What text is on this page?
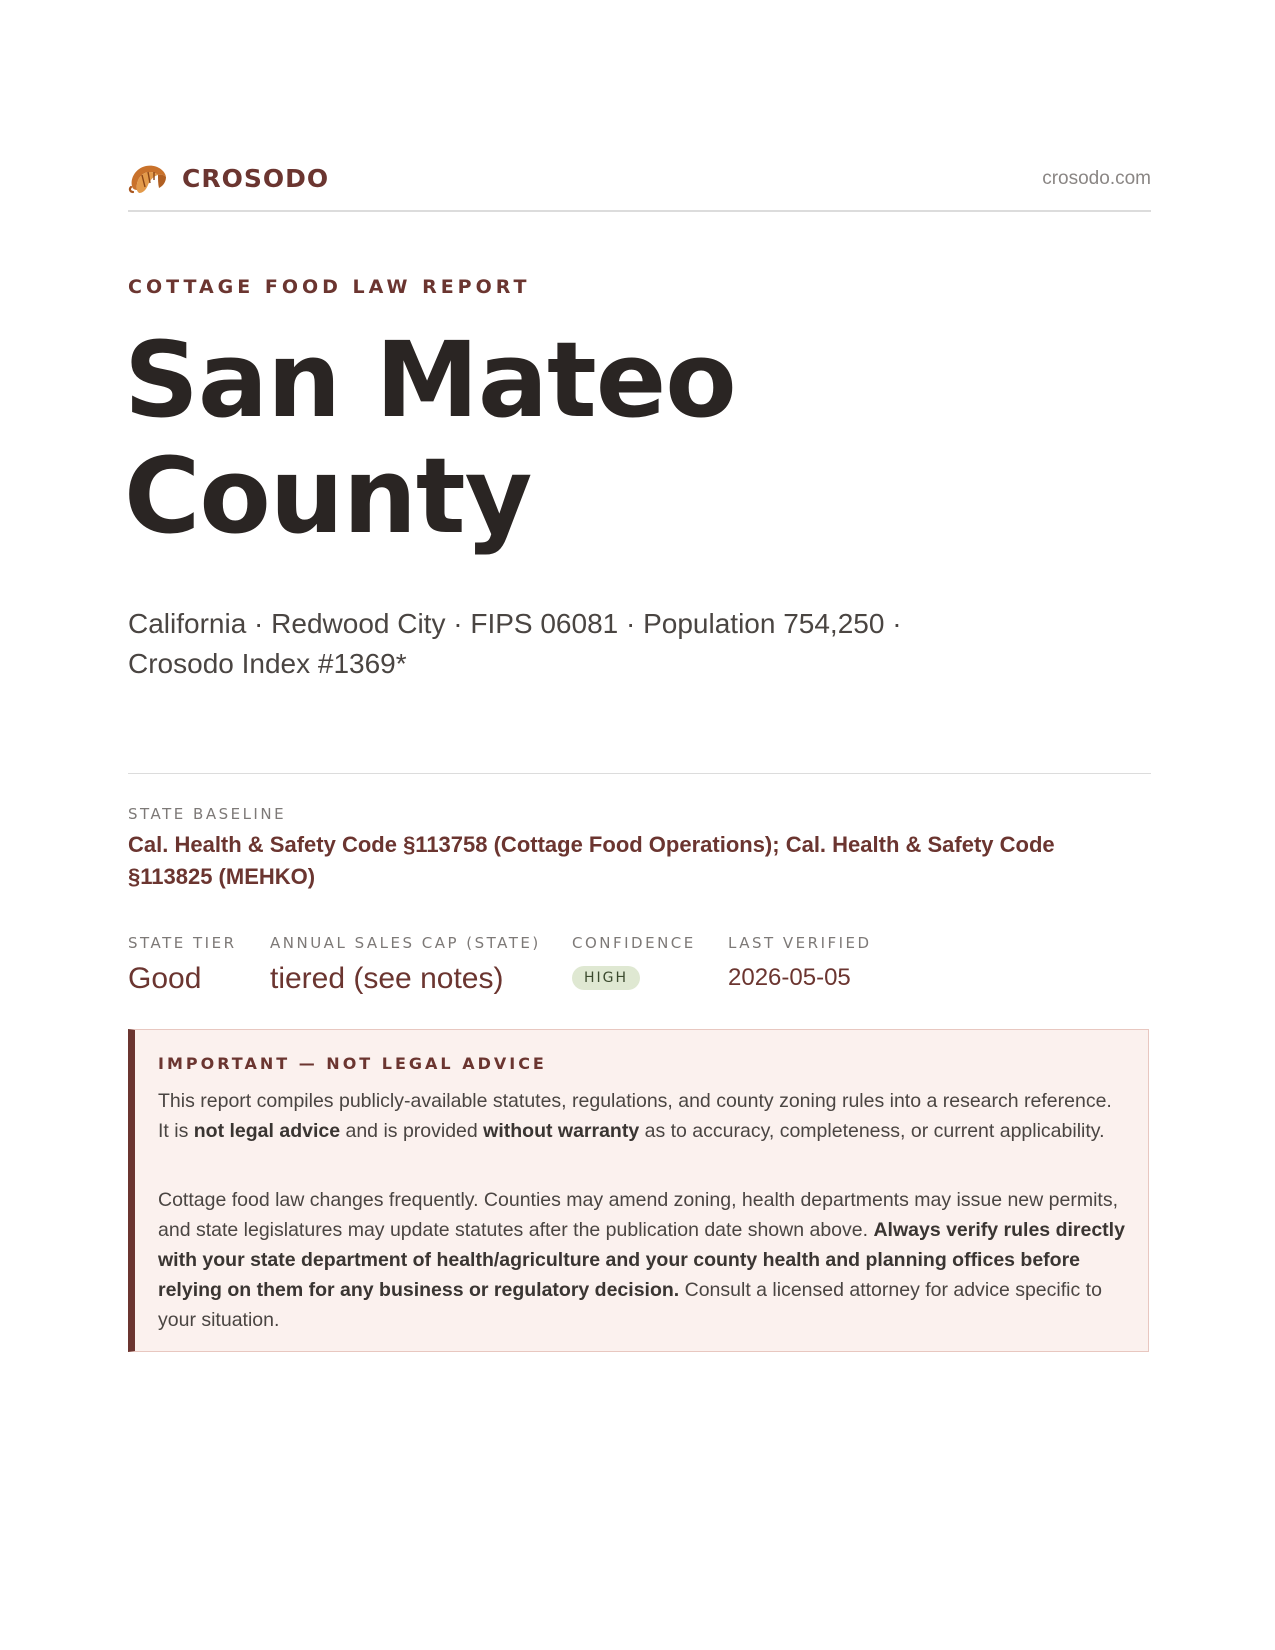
CROSODO	crosodo.com
COTTAGE FOOD LAW REPORT
San Mateo
County
California · Redwood City · FIPS 06081 · Population 754,250 · Crosodo Index #1369*
STATE BASELINE
Cal. Health & Safety Code §113758 (Cottage Food Operations); Cal. Health & Safety Code §113825 (MEHKO)
STATE TIER
Good
ANNUAL SALES CAP (STATE)
tiered (see notes)
CONFIDENCE
HIGH
LAST VERIFIED
2026-05-05
IMPORTANT — NOT LEGAL ADVICE

This report compiles publicly-available statutes, regulations, and county zoning rules into a research reference. It is not legal advice and is provided without warranty as to accuracy, completeness, or current applicability.

Cottage food law changes frequently. Counties may amend zoning, health departments may issue new permits, and state legislatures may update statutes after the publication date shown above. Always verify rules directly with your state department of health/agriculture and your county health and planning offices before relying on them for any business or regulatory decision. Consult a licensed attorney for advice specific to your situation.
